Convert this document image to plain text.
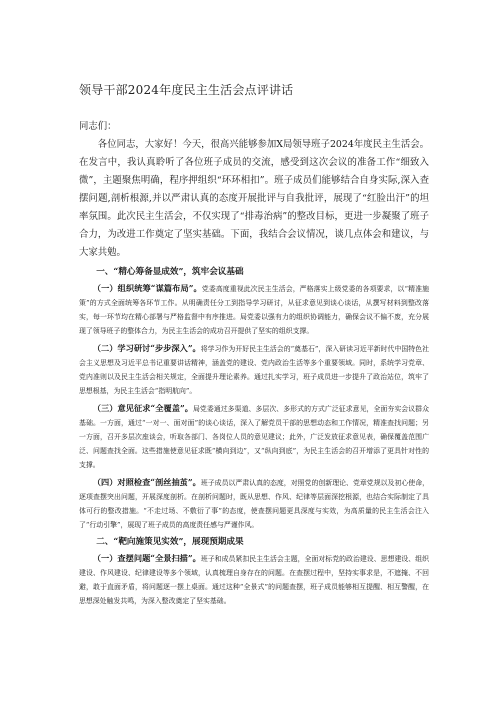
领导干部2024年度民主生活会点评讲话

同志们：

各位同志，大家好！今天，很高兴能够参加X局领导班子2024年度民主生活会。在发言中，我认真聆听了各位班子成员的交流，感受到这次会议的准备工作“细致入微”，主题聚焦明确，程序押组织“环环相扣”。班子成员们能够结合自身实际,深入查摆问题,剖析根源,并以严肃认真的态度开展批评与自我批评，展现了“红脸出汗”的坦率氛围。此次民主生活会，不仅实现了“排毒治病”的整改目标，更进一步凝聚了班子合力，为改进工作奠定了坚实基础。下面，我结合会议情况，谈几点体会和建议，与大家共勉。

一、“精心筹备显成效”，筑牢会议基础

（一）组织统筹“谋篇布局”。党委高度重视此次民主生活会，严格落实上级党委的各项要求，以“精准施策”的方式全面统筹各环节工作。从明确责任分工到指导学习研讨，从征求意见到谈心谈话，从撰写材料到整改落实，每一环节均在精心部署与严格监督中有序推进。局党委以强有力的组织协调能力，确保会议不偏不废，充分展现了领导班子的整体合力，为民主生活会的成功召开提供了坚实的组织支撑。

（二）学习研讨“步步深入”。将学习作为开好民主生活会的“奠基石”，深入研读习近平新时代中国特色社会主义思想及习近平总书记重要讲话精神，涵盖党的建设、党内政治生活等多个重要领域。同时，系统学习党章、党内准则以及民主生活会相关规定，全面提升理论素养。通过扎实学习，班子成员进一步提升了政治站位，筑牢了思想根基，为民主生活会“指明航向”。

（三）意见征求“全覆盖”。局党委通过多渠道、多层次、多形式的方式广泛征求意见，全面夯实会议群众基础。一方面，通过“一对一、面对面”的谈心谈话，深入了解党员干部的思想动态和工作情况，精准查找问题；另一方面，召开多层次座谈会，听取各部门、各岗位人员的意见建议；此外，广泛发放征求意见表，确保覆盖范围广泛、问题查找全面。这些措施使意见征求既“横向到边”，又“纵向到底”，为民主生活会的召开增添了更具针对性的支撑。

（四）对照检查“剖丝抽茧”。班子成员以严肃认真的态度，对照党的创新理论、党章党规以及初心使命，逐项查摆突出问题，开展深度剖析。在剖析问题时，既从思想、作风、纪律等层面深挖根源，也结合实际制定了具体可行的整改措施。“不走过场、不敷衍了事”的态度，使查摆问题更具深度与实效，为高质量的民主生活会注入了“行动引擎”，展现了班子成员的高度责任感与严谨作风。

二、“靶向施策见实效”，展现预期成果

（一）查摆问题“全景扫描”。班子和成员紧扣民主生活会主题，全面对标党的政治建设、思想建设、组织建设、作风建设、纪律建设等多个领域，认真梳理自身存在的问题。在查摆过程中，坚持实事求是，不遮掩、不回避，敢于直面矛盾，将问题逐一摆上桌面。通过这种“全景式”的问题查摆，班子成员能够相互提醒、相互警醒，在思想深处触发共鸣，为深入整改奠定了坚实基础。
